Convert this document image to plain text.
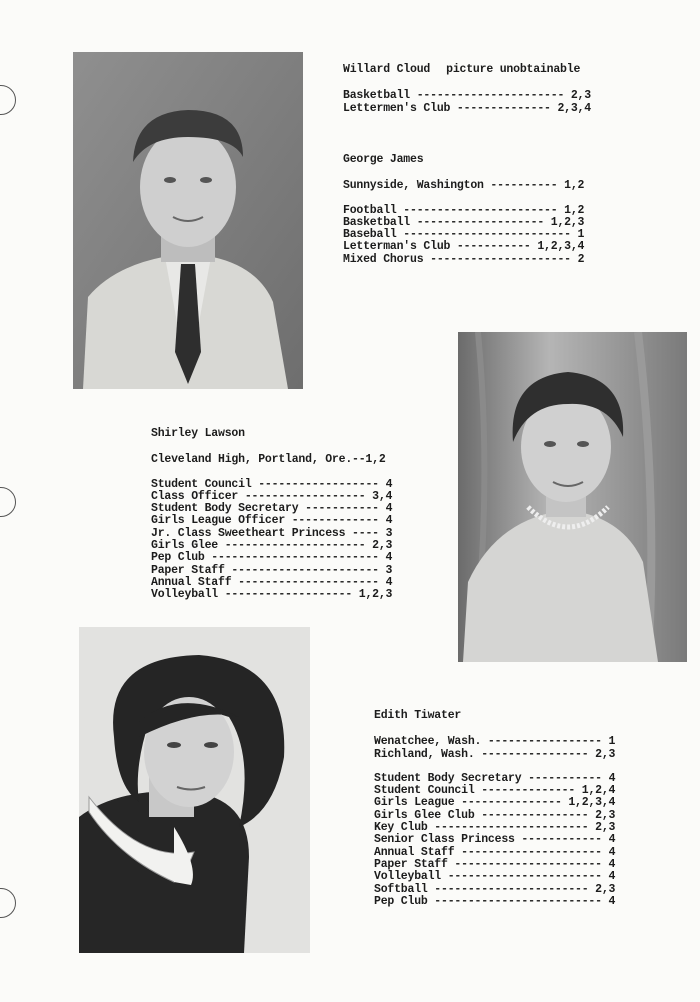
Willard Cloud picture unobtainable
Basketball ---------------------- 2,3
Lettermen's Club -------------- 2,3,4
George James
Sunnyside, Washington ---------- 1,2
Football ----------------------- 1,2
Basketball ------------------- 1,2,3
Baseball ------------------------- 1
Letterman's Club ----------- 1,2,3,4
Mixed Chorus --------------------- 2
Shirley Lawson
Cleveland High, Portland, Ore.--1,2
Student Council ------------------ 4
Class Officer ------------------ 3,4
Student Body Secretary ----------- 4
Girls League Officer ------------- 4
Jr. Class Sweetheart Princess ---- 3
Girls Glee --------------------- 2,3
Pep Club ------------------------- 4
Paper Staff ---------------------- 3
Annual Staff --------------------- 4
Volleyball ------------------- 1,2,3
Edith Tiwater
Wenatchee, Wash. ----------------- 1
Richland, Wash. ---------------- 2,3
Student Body Secretary ----------- 4
Student Council -------------- 1,2,4
Girls League --------------- 1,2,3,4
Girls Glee Club ---------------- 2,3
Key Club ----------------------- 2,3
Senior Class Princess ------------ 4
Annual Staff --------------------- 4
Paper Staff ---------------------- 4
Volleyball ----------------------- 4
Softball ----------------------- 2,3
Pep Club ------------------------- 4
